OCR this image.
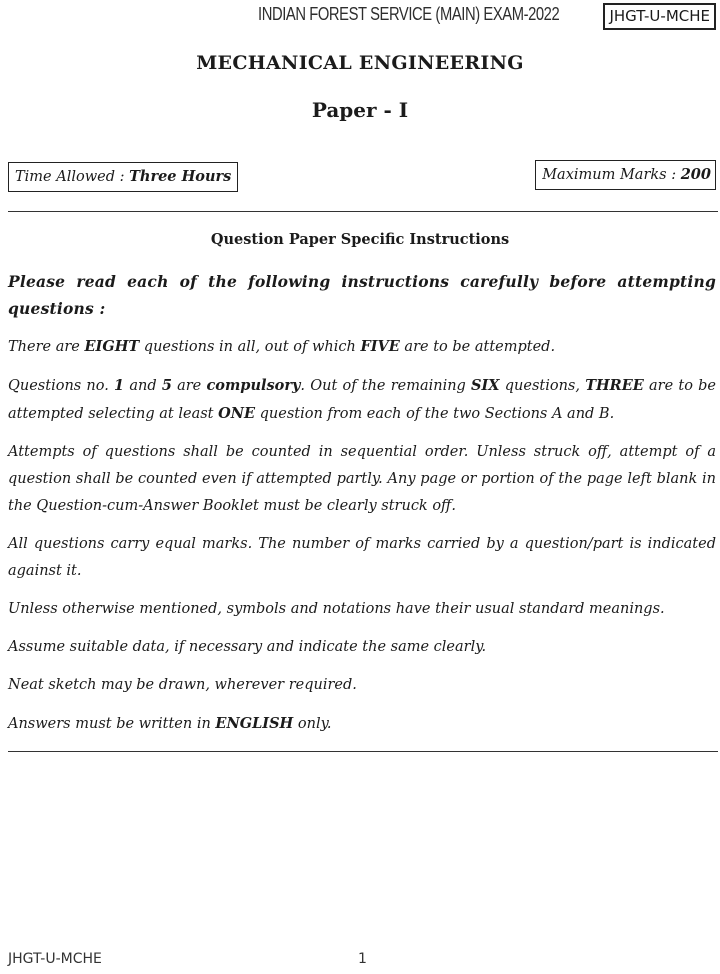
INDIAN FOREST SERVICE (MAIN) EXAM-2022	JHGT-U-MCHE
MECHANICAL ENGINEERING
Paper - I
Time Allowed : Three Hours	Maximum Marks : 200
Question Paper Specific Instructions

Please read each of the following instructions carefully before attempting questions :

There are EIGHT questions in all, out of which FIVE are to be attempted.

Questions no. 1 and 5 are compulsory. Out of the remaining SIX questions, THREE are to be attempted selecting at least ONE question from each of the two Sections A and B.

Attempts of questions shall be counted in sequential order. Unless struck off, attempt of a question shall be counted even if attempted partly. Any page or portion of the page left blank in the Question-cum-Answer Booklet must be clearly struck off.

All questions carry equal marks. The number of marks carried by a question/part is indicated against it.

Unless otherwise mentioned, symbols and notations have their usual standard meanings.

Assume suitable data, if necessary and indicate the same clearly.

Neat sketch may be drawn, wherever required.

Answers must be written in ENGLISH only.

JHGT-U-MCHE	1
